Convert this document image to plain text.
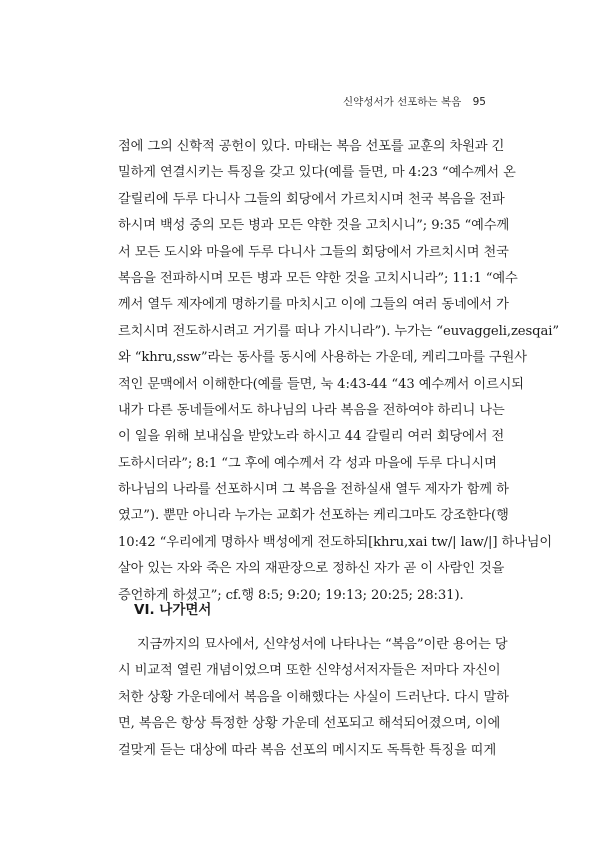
신약성서가 선포하는 복음 95
점에 그의 신학적 공헌이 있다. 마태는 복음 선포를 교훈의 차원과 긴
밀하게 연결시키는 특징을 갖고 있다(예를 들면, 마 4:23 “예수께서 온
갈릴리에 두루 다니사 그들의 회당에서 가르치시며 천국 복음을 전파
하시며 백성 중의 모든 병과 모든 약한 것을 고치시니”; 9:35 “예수께
서 모든 도시와 마을에 두루 다니사 그들의 회당에서 가르치시며 천국
복음을 전파하시며 모든 병과 모든 약한 것을 고치시니라”; 11:1 “예수
께서 열두 제자에게 명하기를 마치시고 이에 그들의 여러 동네에서 가
르치시며 전도하시려고 거기를 떠나 가시니라”). 누가는 “euvaggeli,zesqai”
와 “khru,ssw”라는 동사를 동시에 사용하는 가운데, 케리그마를 구원사
적인 문맥에서 이해한다(예를 들면, 눅 4:43-44 “43 예수께서 이르시되
내가 다른 동네들에서도 하나님의 나라 복음을 전하여야 하리니 나는
이 일을 위해 보내심을 받았노라 하시고 44 갈릴리 여러 회당에서 전
도하시더라”; 8:1 “그 후에 예수께서 각 성과 마을에 두루 다니시며
하나님의 나라를 선포하시며 그 복음을 전하실새 열두 제자가 함께 하
였고”). 뿐만 아니라 누가는 교회가 선포하는 케리그마도 강조한다(행
10:42 “우리에게 명하사 백성에게 전도하되[khru,xai tw/| law/|] 하나님이
살아 있는 자와 죽은 자의 재판장으로 정하신 자가 곧 이 사람인 것을
증언하게 하셨고”; cf.행 8:5; 9:20; 19:13; 20:25; 28:31).
VI. 나가면서
지금까지의 묘사에서, 신약성서에 나타나는 “복음”이란 용어는 당
시 비교적 열린 개념이었으며 또한 신약성서저자들은 저마다 자신이
처한 상황 가운데에서 복음을 이해했다는 사실이 드러난다. 다시 말하
면, 복음은 항상 특정한 상황 가운데 선포되고 해석되어졌으며, 이에
걸맞게 듣는 대상에 따라 복음 선포의 메시지도 독특한 특징을 띠게
